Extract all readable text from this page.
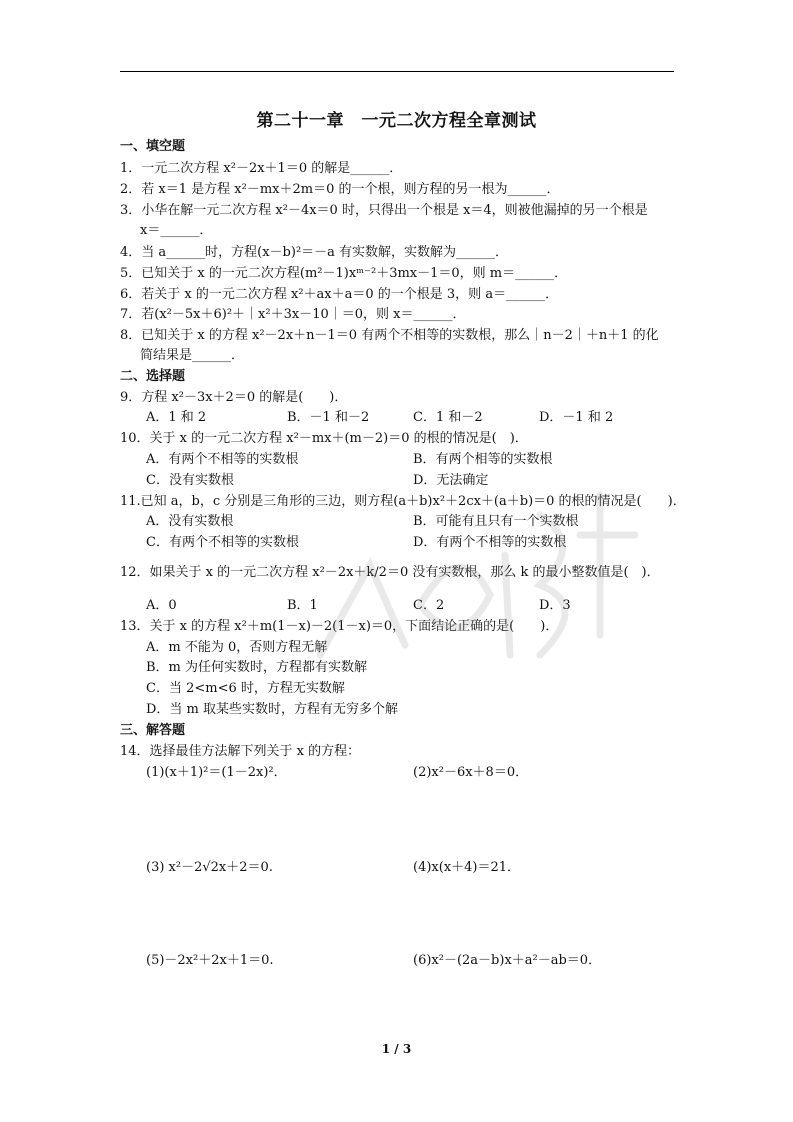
第二十一章　一元二次方程全章测试
一、填空题
1．一元二次方程 x²－2x＋1＝0 的解是______．
2．若 x＝1 是方程 x²－mx＋2m＝0 的一个根，则方程的另一根为______．
3．小华在解一元二次方程 x²－4x＝0 时，只得出一个根是 x＝4，则被他漏掉的另一个根是
x＝______．
4．当 a______时，方程(x－b)²＝－a 有实数解，实数解为______．
5．已知关于 x 的一元二次方程(m²－1)xᵐ⁻²＋3mx－1＝0，则 m＝______．
6．若关于 x 的一元二次方程 x²＋ax＋a＝0 的一个根是 3，则 a＝______．
7．若(x²－5x＋6)²＋｜x²＋3x－10｜＝0，则 x＝______．
8．已知关于 x 的方程 x²－2x＋n－1＝0 有两个不相等的实数根，那么｜n－2｜＋n＋1 的化
简结果是______．
二、选择题
9．方程 x²－3x＋2＝0 的解是(　　)．
A．1 和 2	B．－1 和－2	C．1 和－2	D．－1 和 2
10．关于 x 的一元二次方程 x²－mx＋(m－2)＝0 的根的情况是(　)．
A．有两个不相等的实数根	B．有两个相等的实数根
C．没有实数根	D．无法确定
11.已知 a，b，c 分别是三角形的三边，则方程(a＋b)x²＋2cx＋(a＋b)＝0 的根的情况是(　　)．
A．没有实数根	B．可能有且只有一个实数根
C．有两个不相等的实数根	D．有两个不相等的实数根
12．如果关于 x 的一元二次方程 x²－2x＋k/2＝0 没有实数根，那么 k 的最小整数值是(　)．
A．0	B．1	C．2	D．3
13．关于 x 的方程 x²＋m(1－x)－2(1－x)＝0，下面结论正确的是(　　)．
A．m 不能为 0，否则方程无解
B．m 为任何实数时，方程都有实数解
C．当 2<m<6 时，方程无实数解
D．当 m 取某些实数时，方程有无穷多个解
三、解答题
14．选择最佳方法解下列关于 x 的方程：
(1)(x＋1)²＝(1－2x)²．	(2)x²－6x＋8＝0．
(3) x²－2√2x＋2＝0.	(4)x(x＋4)＝21．
(5)－2x²＋2x＋1＝0.	(6)x²－(2a－b)x＋a²－ab＝0．
1 / 3
